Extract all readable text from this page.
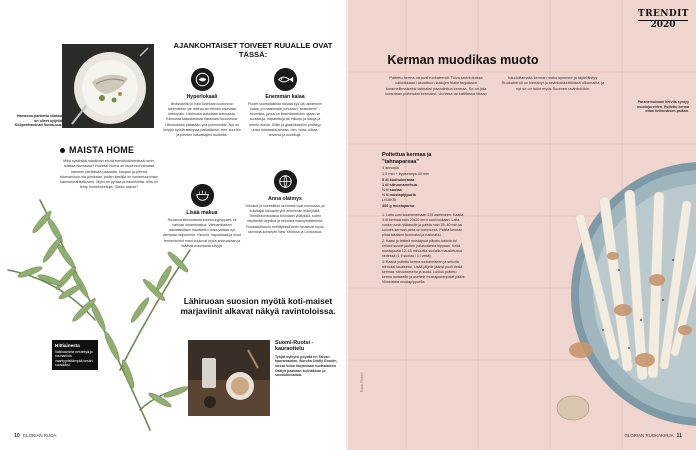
Hamssun paistettu silakka on olleet kyljellä Kööpenhaminan Noma-ssa.
MAISTA HOME
Mikä sykähtää maailman eh-kä trendikkäimmässä ravin-tolassa Nomassa? Huvella! Noma on tarjonnut vahvasti hameen perittävää pasaatta- kaupan ja piennä tukevanluon-sia pinokalat, joiden kesällä on konemuurohtan kamomurahkeltuvien. Mylvi-en yyrraa ja halunkihtia. Villa on tehty homekokeiluja. Olisko valmis?
Hittiainesta
Valkkaamme nestettyä jo rosmariinia vaarkyydeltämpää kesän suosikiksi.
AJANKOHTAISET TOIVEET RUUALLE OVAT TÄSSÄ:
Hyperlokaali
Ilmastokriisi jo halu kotimaan luotonnon tukemiseen vie lähiruo-an trendin tukevasti eteenpäin. Lähiruoka tarkoittaa kotimaista. Kiinnosta kasvatetuista Varainais-Suomessa. Lähiruokaan päästään yhä pidemmälle. Nyt on helppo syödä aiempaa paikallisesti, mm. suurten ja pienten kasvattajien tuotteilla.
Enemmän kalaa
Puolet suomalaisista haluaa syö-dä useammin kalaa, jo maailmalla puhutaan "seacuterie" -buumista, jossa on lihaleikkeleiden sijaan se suolattuja, hapatettuja tai etikoitu-ja kaloja ja meren-elaviä. Silliin ja graavikaloihin yhdistyy uusia kalaraaka-aineita, mm. lohta, siikaa, ahventa ja muikkuja.
Lisää makua
Ruoassa kiinnostavat kuuma-kypsyydet, eli vahvaa umamimakua. Vietnamilaisen aasialaisittain maustettu ruoka voittaa nyt aiempaa helpommin. Kimchit, hapankaali ja muut fermentoidut maut kuuluvat myös arkiruokaan ja lisäävät maukkaita sävyjä.
Anna oläimys
Ulkoiset ja kokeelliset ravintolat ovat nousussa, ja kuluttajat haluavat yhä enemmän elämyksiä. Trendiravintoloissa toivotaan yllätyksiä, kuten näyttävää tarjoilua ja erikoisia makuyhdistelmiä. Ruokakulttuurin kehittyessä esiin nousevat myös ravintola-konseptit New Yorkissa ja Lontoossa.
Lähiruoan suosion myötä koti-maiset marjaviinit alkavat näkyä ravintoloissa.
Suomi-Ruotsi -kauraottelu
Tyhjät kylkyisi pöydät eri Talvan kauramaidon, Boroka Oddly Goodin, sussa tuloo kurjamaan ruotsalaisen Oatlyn pakkaan kulviakoon jo suosikkimaitoa.
10 GLORIAN RUOA
TRENDIT
2020
Kerman muodikas muoto
Paltettu kerma on uusi ruokatrendi. Toivo ravintoloissa valkkikkaan rasvattuun laatujen tilalle tarjoillaan karamellimaiseksi tahnaksi paahdettua kermaa. Se on jota kutsutaan poltetuksi kermaksi. Uunissa tai kattilassa hitaan hauduttamalla kerman maku syvenee ja täyteläistyy. Ruokatrendi on kiertänyt jo ravintolakeittiöissä ulkomailla, ja nyt se on tullut myös Suomen ravintoloihin.
Paranemuisaan kervila syntyy muotojureiden. Poltettu kerma ottaa hellinnäisen paikan.
Poltettua kermaa ja "tahnaparsaa"
4 annosta
1,5 min + kypsennys 40 min
5 dl kuohukermaa
1 dl sitruunamehua
½ tl suolaa
½ tl mustapippuria
LISÄKSI
400 g mustaparsa
1. Laita uuni kuumenemaan 225 asteeseen. Kaada 4 dl kermaa noin 20x20 cm:n uunivuokaan. Laita vuoka uunin ylätasolle ja paista noin 35–40 min tai kunnes kerman pinta on tummunut. Paista kerman pinta tasaisen tummaksi ja ruskeaksi.
2. Kaavi jo lekkeä mustapuut pilkottu kaitola tai reilusti suuret jauhen palasoidesta kippaan. Keitä mustajuurta 12–15 minuuttia suolalla maustetussa vedessä (1 tl suolaa / 1 l vettä).
3. Kaada poltettu kerma ruukalmiseen ja sekoita hienoksi tasaiseksi. Lisää jäljelle jäänyt puoli desiä kermaa, sitruunamehu ja suola. Luukoi poltettu kerma lautaselle ja asettele mustajuurenpalat päälle. Viimeistele mustapippurilla.
Kuva: Pixlock
GLORIAN RUOKAKIRJA 11
